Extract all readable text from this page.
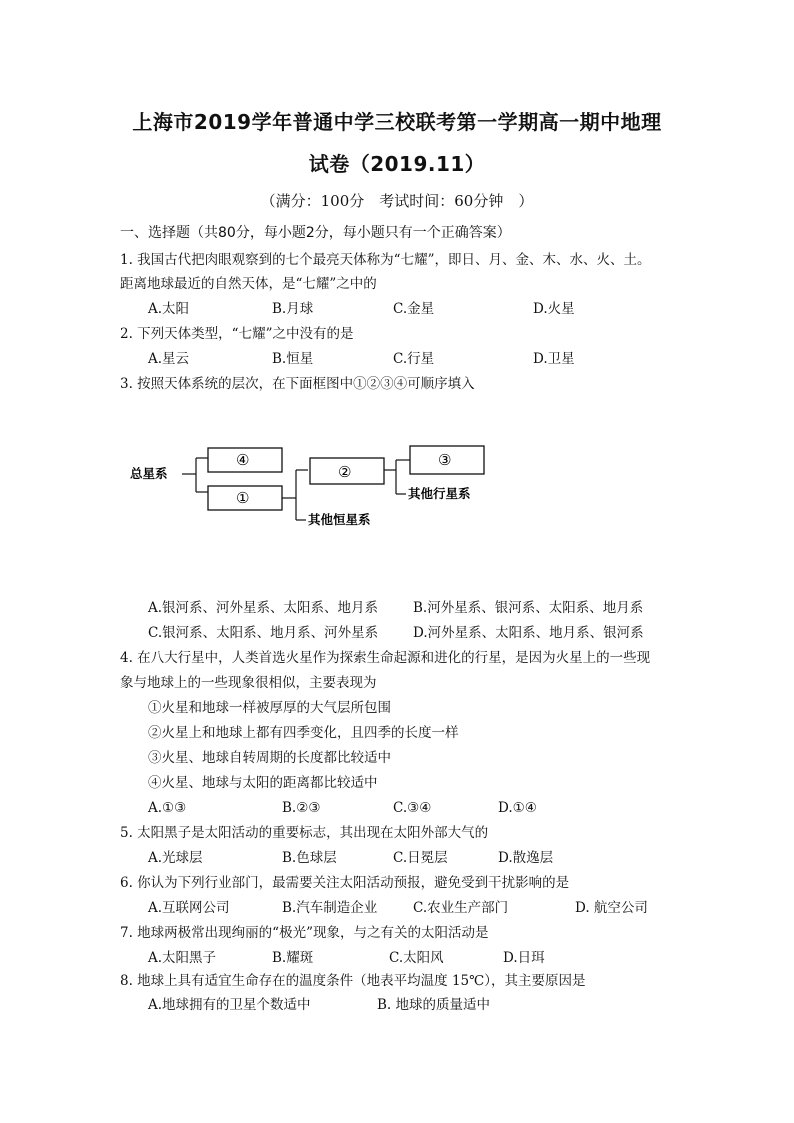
上海市2019学年普通中学三校联考第一学期高一期中地理
试卷（2019.11）
（满分：100分　考试时间：60分钟　）
一、选择题（共80分，每小题2分，每小题只有一个正确答案）
1. 我国古代把肉眼观察到的七个最亮天体称为“七耀”，即日、月、金、木、水、火、土。
距离地球最近的自然天体，是“七耀”之中的
A.太阳	B.月球	C.金星	D.火星
2. 下列天体类型，“七耀”之中没有的是
A.星云	B.恒星	C.行星	D.卫星
3. 按照天体系统的层次，在下面框图中①②③④可顺序填入
总星系
④
①
其他恒星系
②
其他行星系
③
A.银河系、河外星系、太阳系、地月系	B.河外星系、银河系、太阳系、地月系
C.银河系、太阳系、地月系、河外星系	D.河外星系、太阳系、地月系、银河系
4. 在八大行星中，人类首选火星作为探索生命起源和进化的行星，是因为火星上的一些现
象与地球上的一些现象很相似，主要表现为
①火星和地球一样被厚厚的大气层所包围
②火星上和地球上都有四季变化，且四季的长度一样
③火星、地球自转周期的长度都比较适中
④火星、地球与太阳的距离都比较适中
A.①③	B.②③	C.③④	D.①④
5. 太阳黑子是太阳活动的重要标志，其出现在太阳外部大气的
A.光球层	B.色球层	C.日冕层	D.散逸层
6. 你认为下列行业部门，最需要关注太阳活动预报，避免受到干扰影响的是
A.互联网公司	B.汽车制造企业	C.农业生产部门	D. 航空公司
7. 地球两极常出现绚丽的“极光”现象，与之有关的太阳活动是
A.太阳黑子	B.耀斑	C.太阳风	D.日珥
8. 地球上具有适宜生命存在的温度条件（地表平均温度 15℃），其主要原因是
A.地球拥有的卫星个数适中	B. 地球的质量适中
